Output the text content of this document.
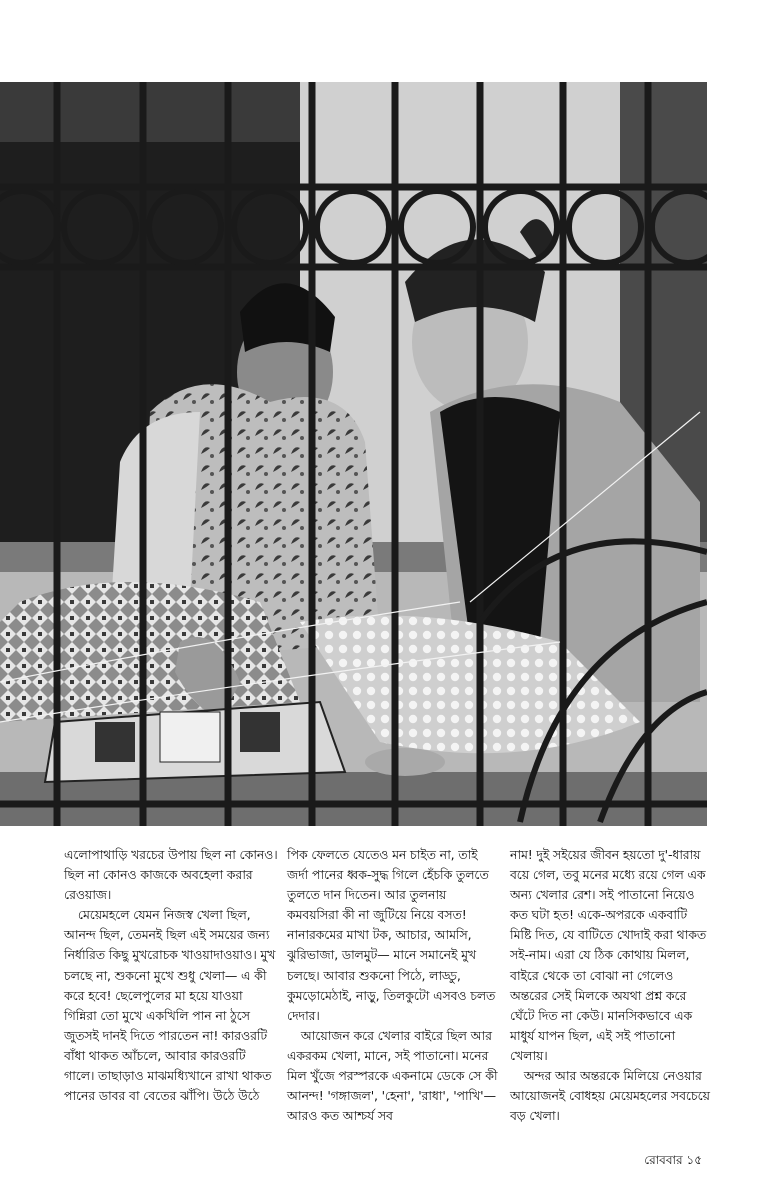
এলোপাথাড়ি খরচের উপায় ছিল না কোনও। ছিল না কোনও কাজকে অবহেলা করার রেওয়াজ।

মেয়েমহলে যেমন নিজস্ব খেলা ছিল, আনন্দ ছিল, তেমনই ছিল এই সময়ের জন্য নির্ধারিত কিছু মুখরোচক খাওয়াদাওয়াও। মুখ চলছে না, শুকনো মুখে শুধু খেলা— এ কী করে হবে! ছেলেপুলের মা হয়ে যাওয়া গিন্নিরা তো মুখে একখিলি পান না ঠুসে জুতসই দানই দিতে পারতেন না! কারওরটি বাঁধা থাকত আঁচলে, আবার কারওরটি গালে। তাছাড়াও মাঝমধ্যিখানে রাখা থাকত পানের ডাবর বা বেতের ঝাঁপি। উঠে উঠে

পিক ফেলতে যেতেও মন চাইত না, তাই জর্দা পানের ধ্বক-সুদ্ধ গিলে হেঁচকি তুলতে তুলতে দান দিতেন। আর তুলনায় কমবয়সিরা কী না জুটিয়ে নিয়ে বসত! নানারকমের মাখা টক, আচার, আমসি, ঝুরিভাজা, ডালমুট— মানে সমানেই মুখ চলছে। আবার শুকনো পিঠে, লাড্ডু, কুমড়োমেঠাই, নাড়ু, তিলকুটো এসবও চলত দেদার।

আয়োজন করে খেলার বাইরে ছিল আর একরকম খেলা, মানে, সই পাতানো। মনের মিল খুঁজে পরস্পরকে একনামে ডেকে সে কী আনন্দ! 'গঙ্গাজল', 'হেনা', 'রাধা', 'পাখি'— আরও কত আশ্চর্য সব

নাম! দুই সইয়ের জীবন হয়তো দু'-ধারায় বয়ে গেল, তবু মনের মধ্যে রয়ে গেল এক অন্য খেলার রেশ। সই পাতানো নিয়েও কত ঘটা হত! একে-অপরকে একবাটি মিষ্টি দিত, যে বাটিতে খোদাই করা থাকত সই-নাম। এরা যে ঠিক কোথায় মিলল, বাইরে থেকে তা বোঝা না গেলেও অন্তরের সেই মিলকে অযথা প্রশ্ন করে ঘেঁটে দিত না কেউ। মানসিকভাবে এক মাধুর্য যাপন ছিল, এই সই পাতানো খেলায়।

অন্দর আর অন্তরকে মিলিয়ে নেওয়ার আয়োজনই বোধহয় মেয়েমহলের সবচেয়ে বড় খেলা।

রোববার ১৫
